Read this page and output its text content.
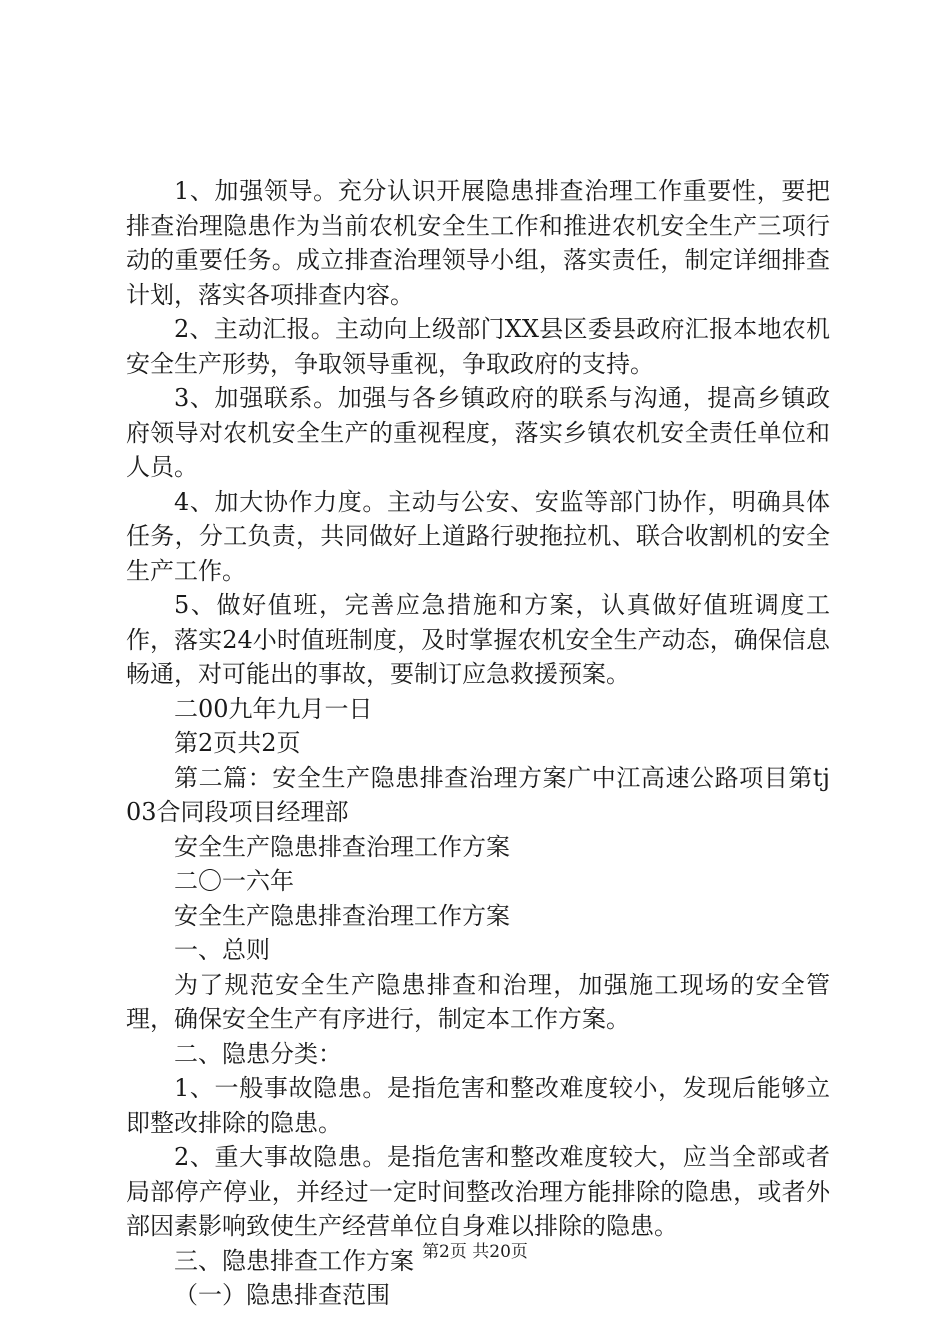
1、加强领导。充分认识开展隐患排查治理工作重要性，要把排查治理隐患作为当前农机安全生工作和推进农机安全生产三项行动的重要任务。成立排查治理领导小组，落实责任，制定详细排查计划，落实各项排查内容。

2、主动汇报。主动向上级部门XX县区委县政府汇报本地农机安全生产形势，争取领导重视，争取政府的支持。

3、加强联系。加强与各乡镇政府的联系与沟通，提高乡镇政府领导对农机安全生产的重视程度，落实乡镇农机安全责任单位和人员。

4、加大协作力度。主动与公安、安监等部门协作，明确具体任务，分工负责，共同做好上道路行驶拖拉机、联合收割机的安全生产工作。

5、做好值班，完善应急措施和方案，认真做好值班调度工作，落实24小时值班制度，及时掌握农机安全生产动态，确保信息畅通，对可能出的事故，要制订应急救援预案。

二00九年九月一日

第2页共2页

第二篇：安全生产隐患排查治理方案广中江高速公路项目第tj03合同段项目经理部

安全生产隐患排查治理工作方案

二〇一六年

安全生产隐患排查治理工作方案

一、总则

为了规范安全生产隐患排查和治理，加强施工现场的安全管理，确保安全生产有序进行，制定本工作方案。

二、隐患分类：

1、一般事故隐患。是指危害和整改难度较小，发现后能够立即整改排除的隐患。

2、重大事故隐患。是指危害和整改难度较大，应当全部或者局部停产停业，并经过一定时间整改治理方能排除的隐患，或者外部因素影响致使生产经营单位自身难以排除的隐患。

三、隐患排查工作方案

（一）隐患排查范围

第2页 共20页
